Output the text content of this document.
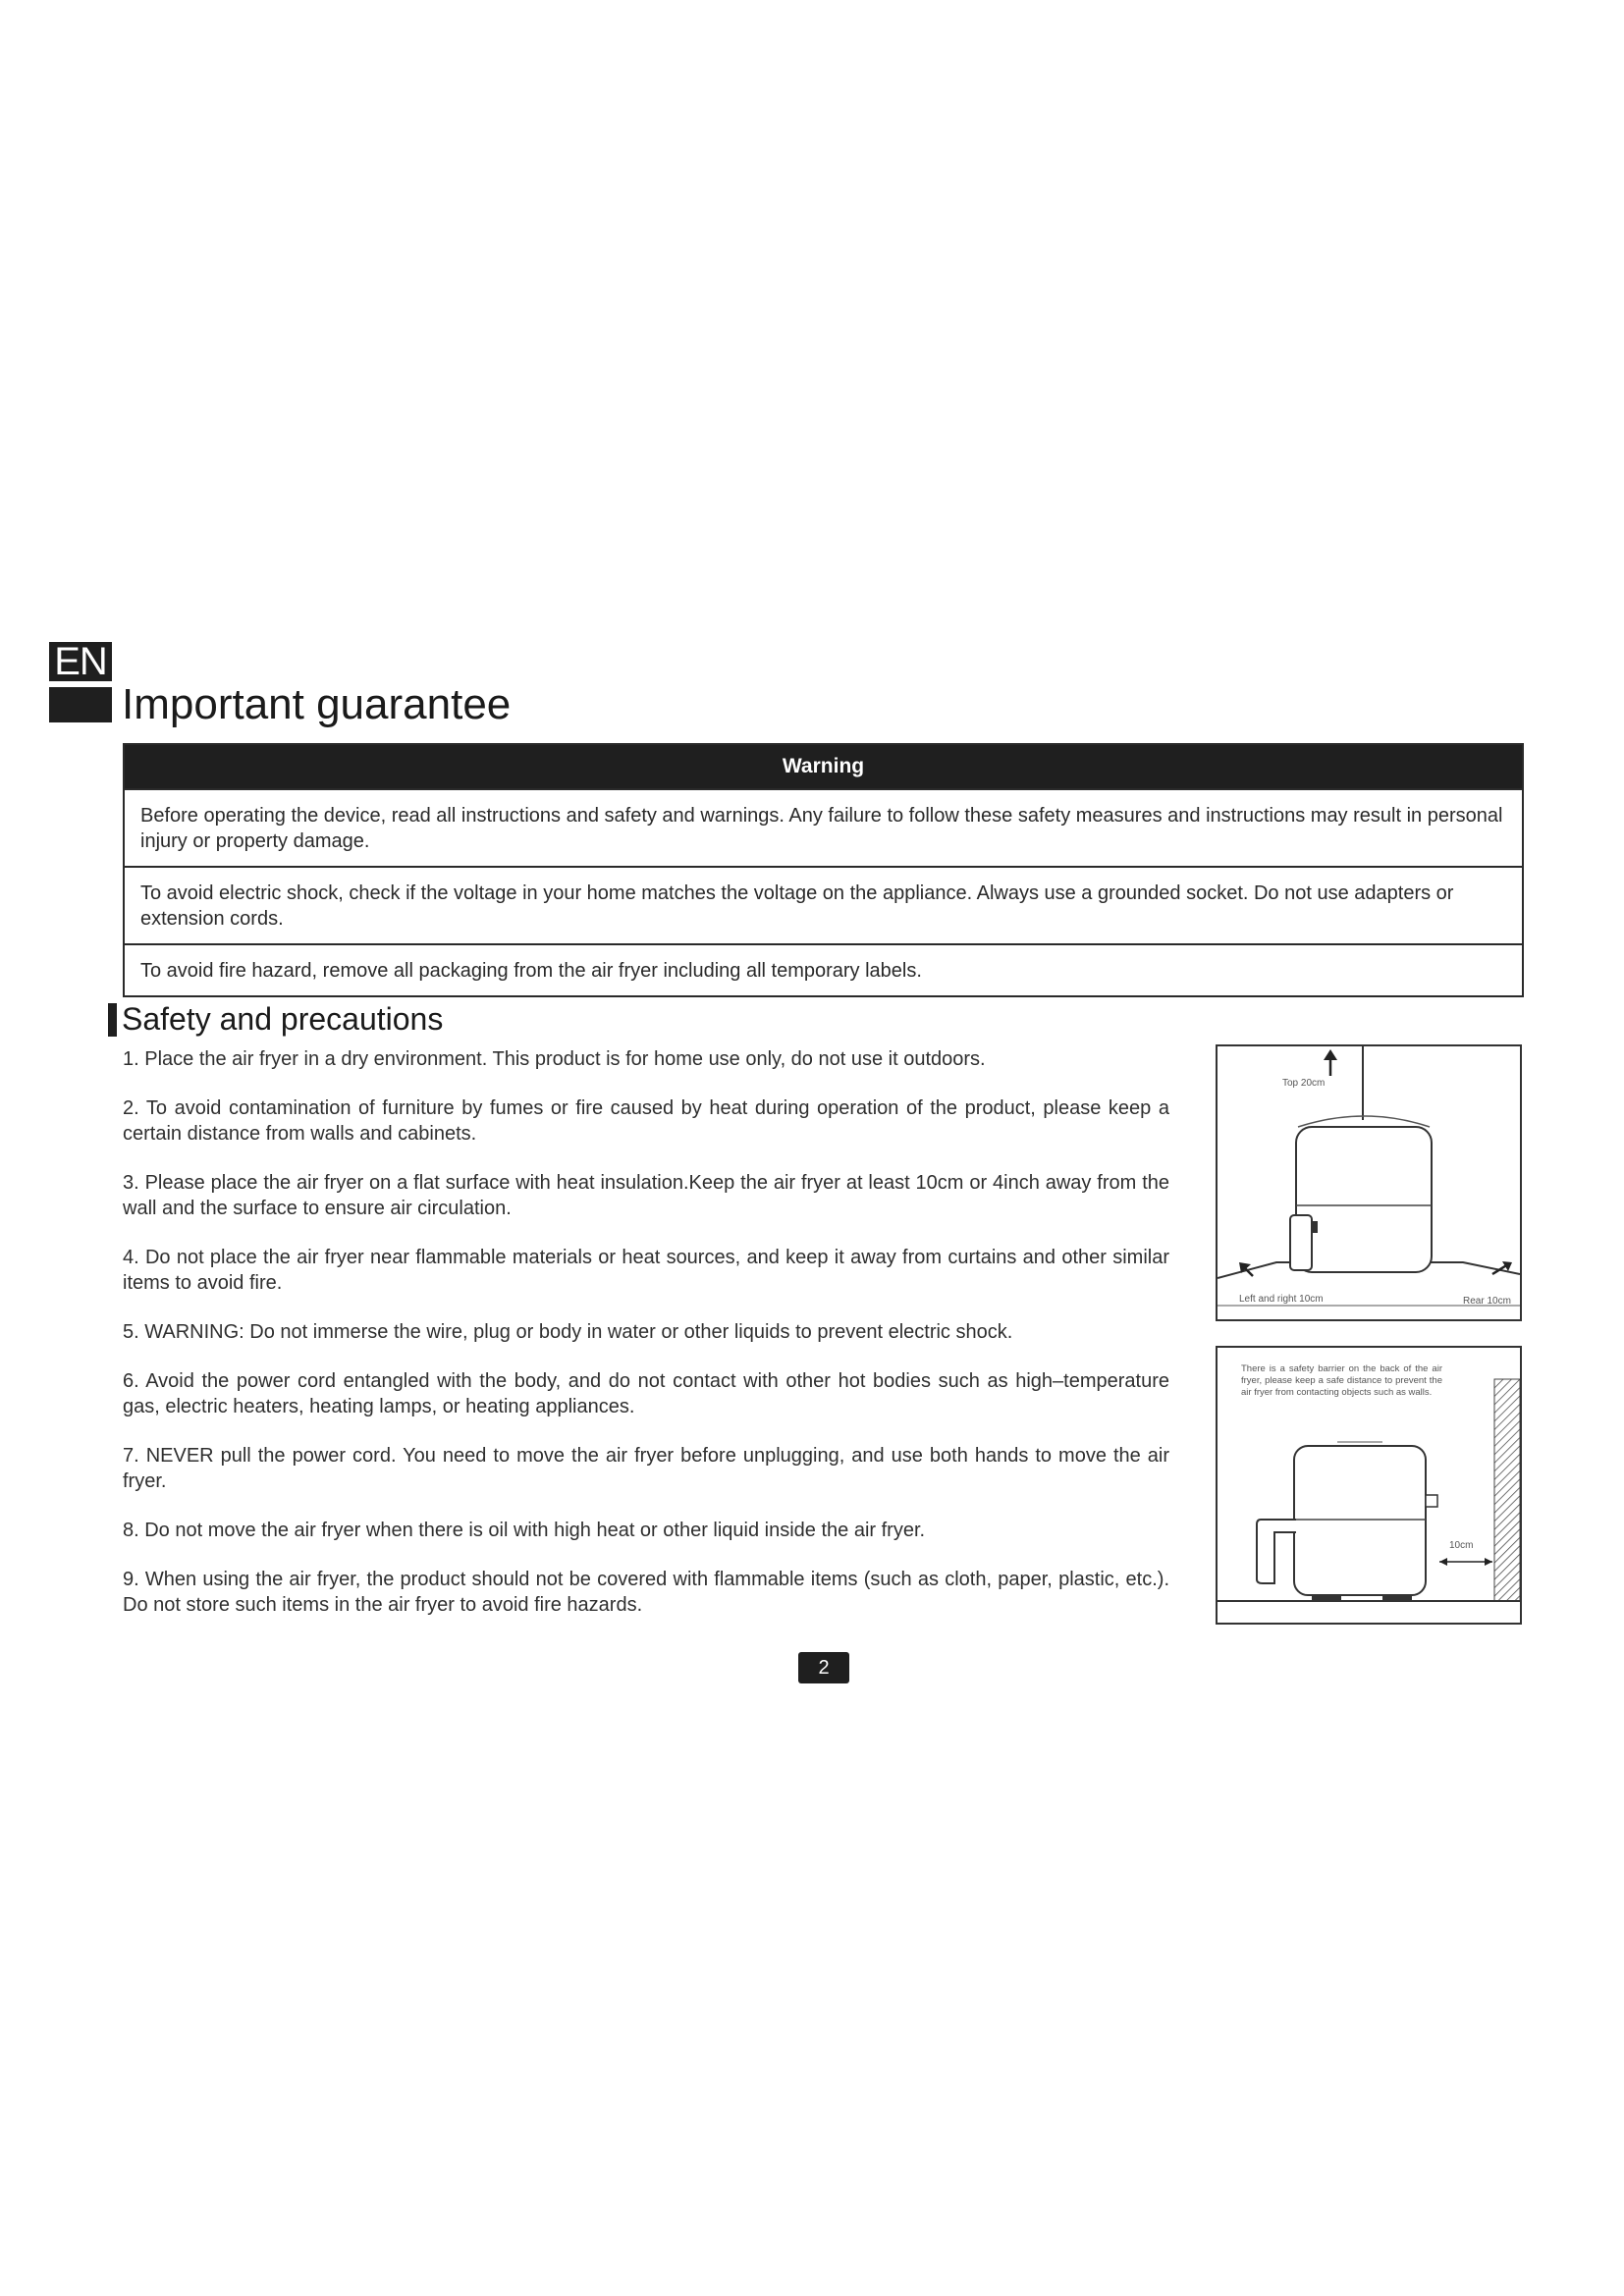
EN
Important guarantee
Warning
Before operating the device, read all instructions and safety and warnings. Any failure to follow these safety measures and instructions may result in personal injury or property damage.
To avoid electric shock, check if the voltage in your home matches the voltage on the appliance. Always use a grounded socket. Do not use adapters or extension cords.
To avoid fire hazard, remove all packaging from the air fryer including all temporary labels.
Safety and precautions
1. Place the air fryer in a dry environment. This product is for home use only, do not use it outdoors.
2. To avoid contamination of furniture by fumes or fire caused by heat during operation of the product, please keep a certain distance from walls and cabinets.
3. Please place the air fryer on a flat surface with heat insulation.Keep the air fryer at least 10cm or 4inch away from the wall and the surface to ensure air circulation.
4. Do not place the air fryer near flammable materials or heat sources, and keep it away from curtains and other similar items to avoid fire.
5. WARNING: Do not immerse the wire, plug or body in water or other liquids to prevent electric shock.
6. Avoid the power cord entangled with the body, and do not contact with other hot bodies such as high–temperature gas, electric heaters, heating lamps, or heating appliances.
7. NEVER pull the power cord. You need to move the air fryer before unplugging, and use both hands to move the air fryer.
8. Do not move the air fryer when there is oil with high heat or other liquid inside the air fryer.
9. When using the air fryer, the product should not be covered with flammable items (such as cloth, paper, plastic, etc.). Do not store such items in the air fryer to avoid fire hazards.
Top 20cm
Left and right 10cm	Rear 10cm
There is a safety barrier on the back of the air fryer, please keep a safe distance to prevent the air fryer from contacting objects such as walls.
10cm
2
